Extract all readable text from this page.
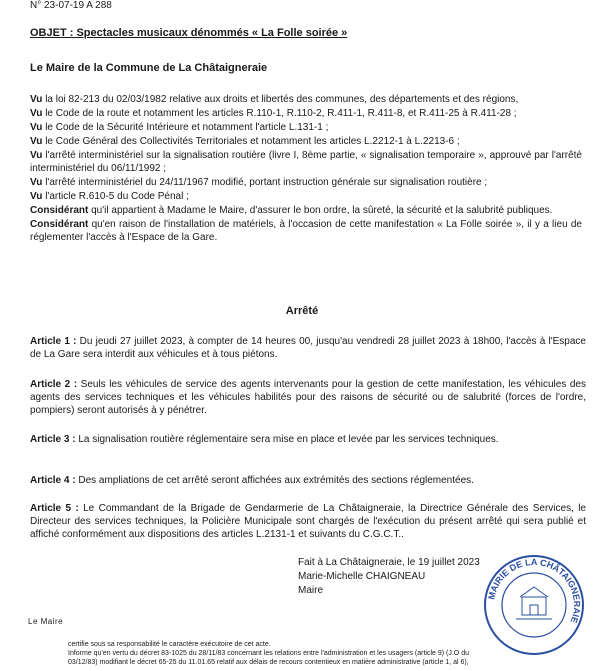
N° 23-07-19 A 288
OBJET : Spectacles musicaux dénommés « La Folle soirée »
Le Maire de la Commune de La Châtaigneraie

Vu la loi 82-213 du 02/03/1982 relative aux droits et libertés des communes, des départements et des régions,

Vu le Code de la route et notamment les articles R.110-1, R.110-2, R.411-1, R.411-8, et R.411-25 à R.411-28 ;

Vu le Code de la Sécurité Intérieure et notamment l'article L.131-1 ;

Vu le Code Général des Collectivités Territoriales et notamment les articles L.2212-1 à L.2213-6 ;

Vu l'arrêté interministériel sur la signalisation routière (livre I, 8ème partie, « signalisation temporaire », approuvé par l'arrêté interministériel du 06/11/1992 ;

Vu l'arrêté interministériel du 24/11/1967 modifié, portant instruction générale sur signalisation routière ;

Vu l'article R.610-5 du Code Pénal ;

Considérant qu'il appartient à Madame le Maire, d'assurer le bon ordre, la sûreté, la sécurité et la salubrité publiques.

Considérant qu'en raison de l'installation de matériels, à l'occasion de cette manifestation « La Folle soirée », il y a lieu de réglementer l'accès à l'Espace de la Gare.

Arrêté
Article 1 : Du jeudi 27 juillet 2023, à compter de 14 heures 00, jusqu'au vendredi 28 juillet 2023 à 18h00, l'accès à l'Espace de La Gare sera interdit aux véhicules et à tous piétons.
Article 2 : Seuls les véhicules de service des agents intervenants pour la gestion de cette manifestation, les véhicules des agents des services techniques et les véhicules habilités pour des raisons de sécurité ou de salubrité (forces de l'ordre, pompiers) seront autorisés à y pénétrer.
Article 3 : La signalisation routière réglementaire sera mise en place et levée par les services techniques.
Article 4 : Des ampliations de cet arrêté seront affichées aux extrémités des sections réglementées.
Article 5 : Le Commandant de la Brigade de Gendarmerie de La Châtaigneraie, la Directrice Générale des Services, le Directeur des services techniques, la Policière Municipale sont chargés de l'exécution du présent arrêté qui sera publié et affiché conformément aux dispositions des articles L.2131-1 et suivants du C.G.C.T..
Fait à La Châtaigneraie, le 19 juillet 2023
Marie-Michelle CHAIGNEAU
Maire	MAIRIE DE LA CHÂTAIGNERAIE
Le Maire

certifie sous sa responsabilité le caractère exécutoire de cet acte.

Informe qu'en vertu du décret 83-1025 du 28/11/83 concernant les relations entre l'administration et les usagers (article 9) (J.O du

03/12/83) modifiant le décret 65-25 du 11.01.65 relatif aux délais de recours contentieux en matière administrative (article 1, al 6),
